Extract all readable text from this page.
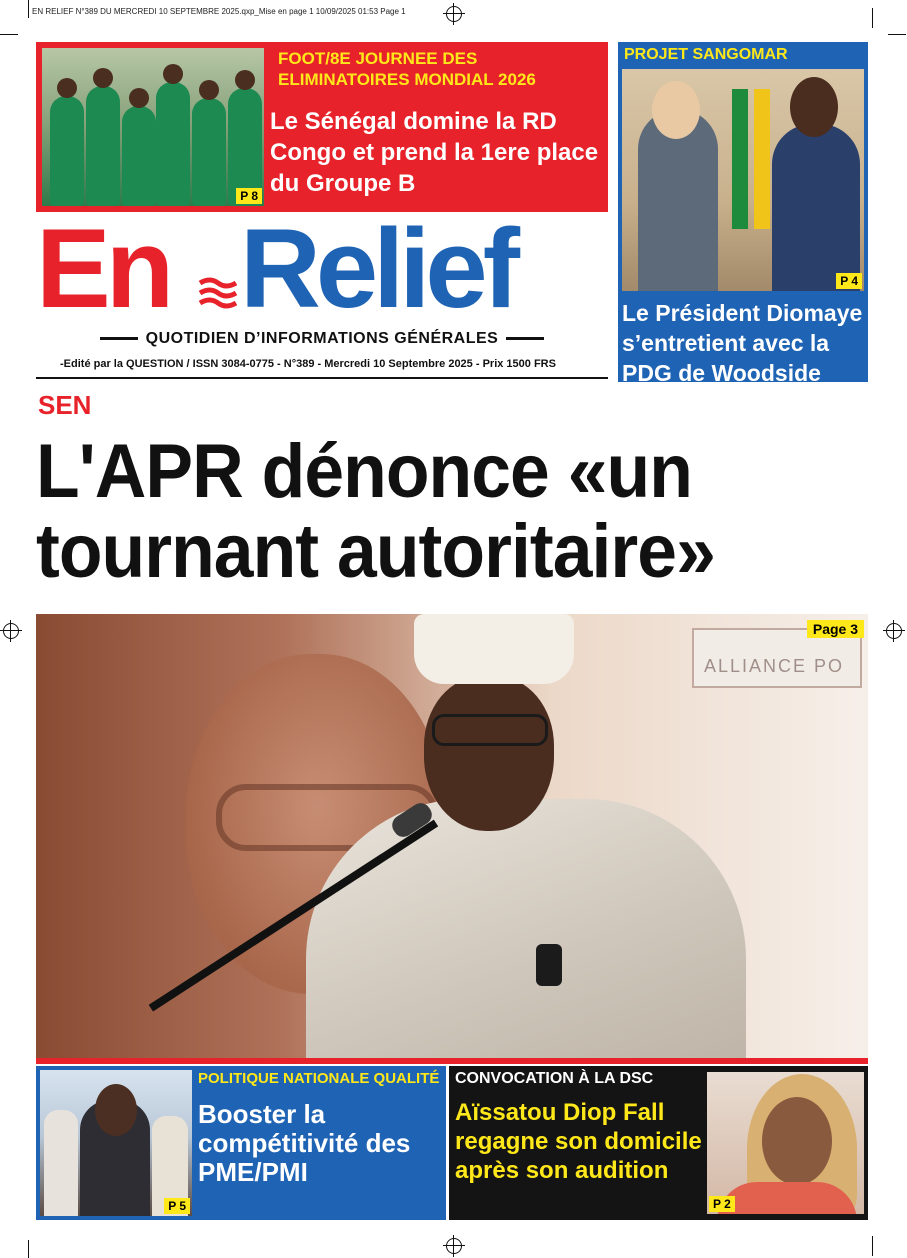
EN RELIEF N°389 DU MERCREDI 10 SEPTEMBRE 2025.qxp_Mise en page 1 10/09/2025 01:53 Page 1
P 8
FOOT/8E JOURNEE DES ELIMINATOIRES MONDIAL 2026
Le Sénégal domine la RD Congo et prend la 1ere place du Groupe B
PROJET SANGOMAR
P 4
Le Président Diomaye s’entretient avec la PDG de Woodside Energy
En Relief
QUOTIDIEN D’INFORMATIONS GÉNÉRALES
-Edité par la QUESTION / ISSN 3084-0775 - N°389 - Mercredi 10 Septembre 2025 - Prix 1500 FRS
SEN
L'APR dénonce «un tournant autoritaire»
ALLIANCE PO
Page 3
P 5
POLITIQUE NATIONALE QUALITÉ
Booster la compétitivité des PME/PMI
CONVOCATION À LA DSC
Aïssatou Diop Fall regagne son domicile après son audition
P 2
